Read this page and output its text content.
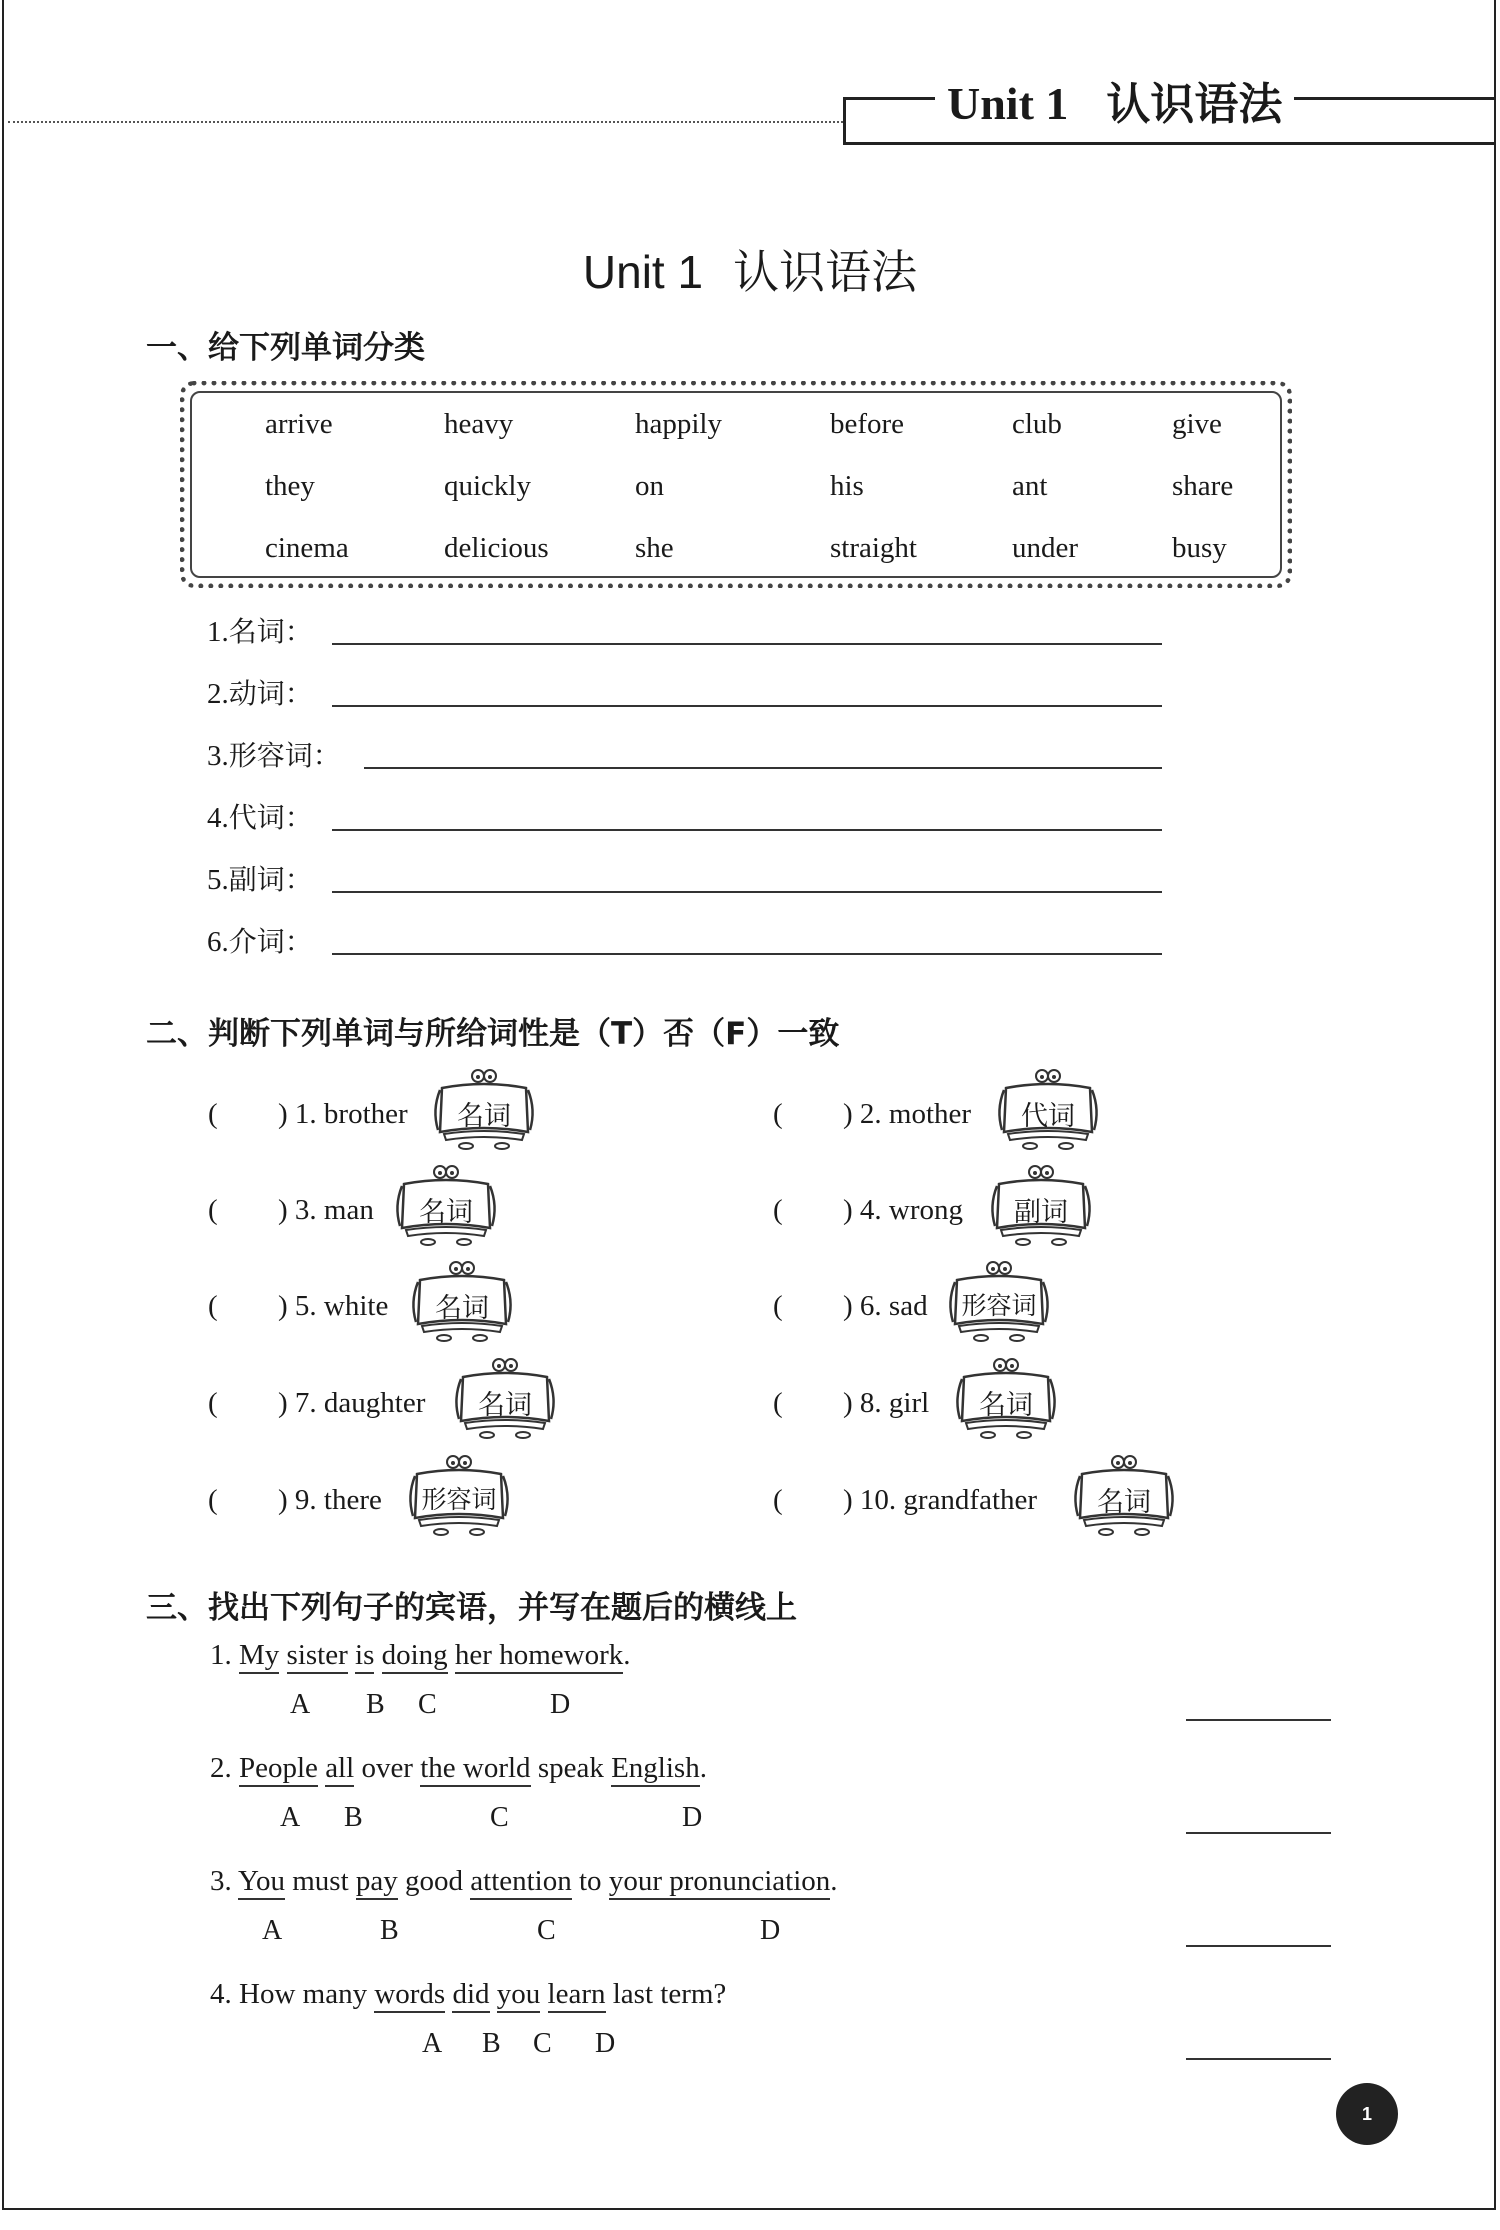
Unit 1 认识语法
Unit 1 认识语法
一、给下列单词分类
arrive	heavy	happily	before	club	give
they	quickly	on	his	ant	share
cinema	delicious	she	straight	under	busy
1.名词：
2.动词：
3.形容词：
4.代词：
5.副词：
6.介词：
二、判断下列单词与所给词性是（T）否（F）一致
( ) 1. brother	名词	( ) 2. mother	代词
( ) 3. man	名词	( ) 4. wrong	副词
( ) 5. white	名词	( ) 6. sad	形容词
( ) 7. daughter	名词	( ) 8. girl	名词
( ) 9. there	形容词	( ) 10. grandfather	名词
三、找出下列句子的宾语，并写在题后的横线上
1. My sister is doing her homework.
A B C	D
2. People all over the world speak English.
A B	C	D
3. You must pay good attention to your pronunciation.
A	B	C	D
4. How many words did you learn last term?
A B C D
1
